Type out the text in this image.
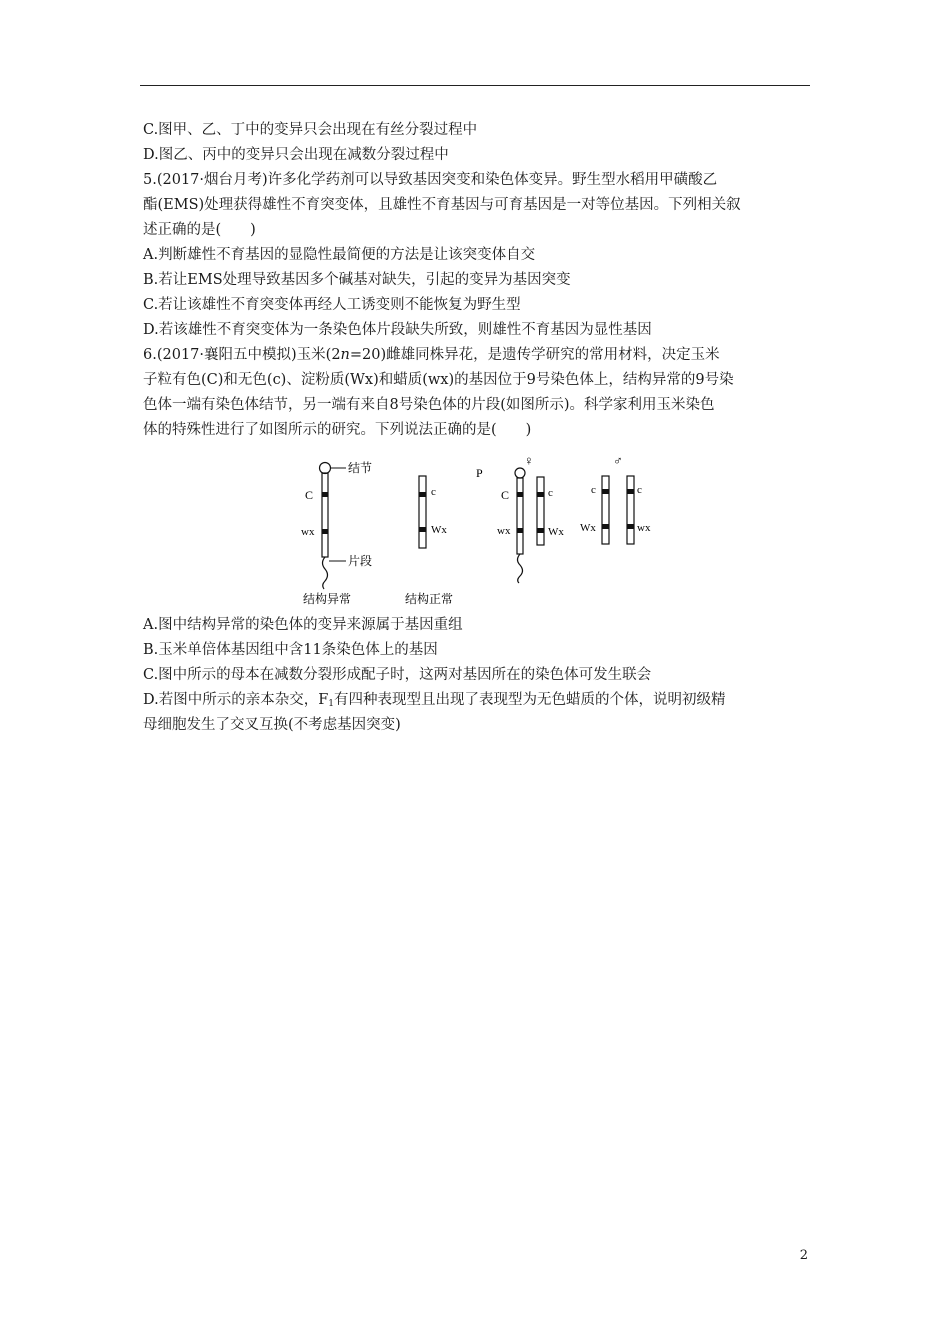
C.图甲、乙、丁中的变异只会出现在有丝分裂过程中
D.图乙、丙中的变异只会出现在减数分裂过程中
5.(2017·烟台月考)许多化学药剂可以导致基因突变和染色体变异。野生型水稻用甲磺酸乙
酯(EMS)处理获得雄性不育突变体，且雄性不育基因与可育基因是一对等位基因。下列相关叙
述正确的是(　　)
A.判断雄性不育基因的显隐性最简便的方法是让该突变体自交
B.若让EMS处理导致基因多个碱基对缺失，引起的变异为基因突变
C.若让该雄性不育突变体再经人工诱变则不能恢复为野生型
D.若该雄性不育突变体为一条染色体片段缺失所致，则雄性不育基因为显性基因
6.(2017·襄阳五中模拟)玉米(2n=20)雌雄同株异花，是遗传学研究的常用材料，决定玉米
子粒有色(C)和无色(c)、淀粉质(Wx)和蜡质(wx)的基因位于9号染色体上，结构异常的9号染
色体一端有染色体结节，另一端有来自8号染色体的片段(如图所示)。科学家利用玉米染色
体的特殊性进行了如图所示的研究。下列说法正确的是(　　)
结节
C
wx
片段
结构异常
c
Wx
结构正常
P
♀
C
wx
c
Wx
♂
c
Wx
c
wx
A.图中结构异常的染色体的变异来源属于基因重组
B.玉米单倍体基因组中含11条染色体上的基因
C.图中所示的母本在减数分裂形成配子时，这两对基因所在的染色体可发生联会
D.若图中所示的亲本杂交，$F_1$有四种表现型且出现了表现型为无色蜡质的个体，说明初级精
母细胞发生了交叉互换(不考虑基因突变)
2
